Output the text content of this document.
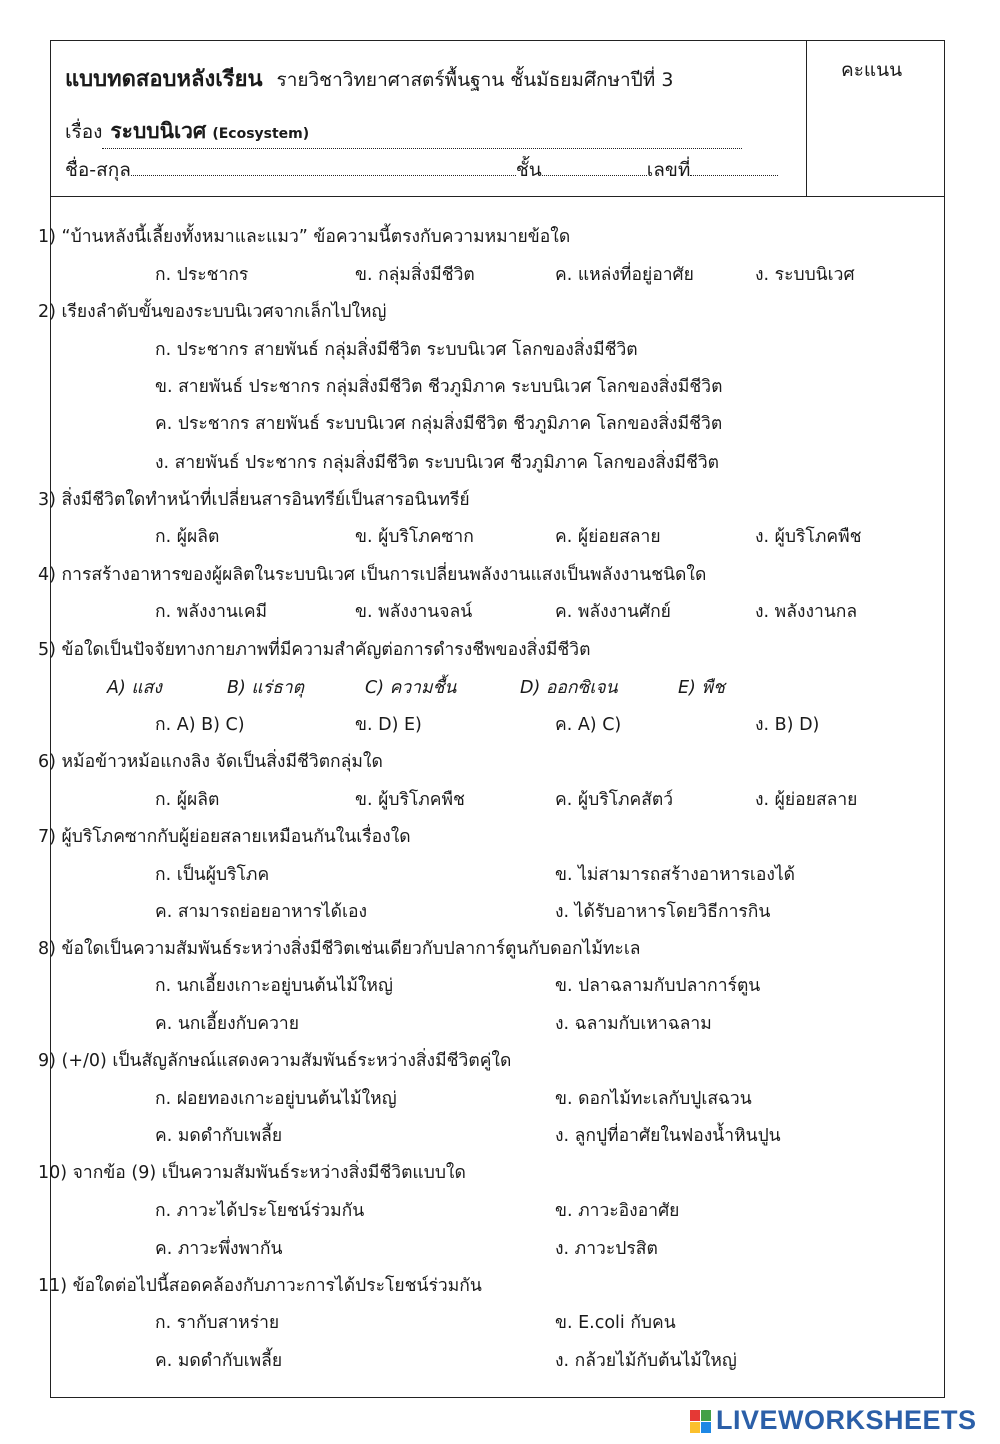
แบบทดสอบหลังเรียน รายวิชาวิทยาศาสตร์พื้นฐาน ชั้นมัธยมศึกษาปีที่ 3
เรื่อง ระบบนิเวศ (Ecosystem)
ชื่อ-สกุล	ชั้น	เลขที่
คะแนน
1) “บ้านหลังนี้เลี้ยงทั้งหมาและแมว” ข้อความนี้ตรงกับความหมายข้อใด
ก. ประชากร	ข. กลุ่มสิ่งมีชีวิต	ค. แหล่งที่อยู่อาศัย	ง. ระบบนิเวศ
2) เรียงลำดับขั้นของระบบนิเวศจากเล็กไปใหญ่
ก. ประชากร สายพันธ์ กลุ่มสิ่งมีชีวิต ระบบนิเวศ โลกของสิ่งมีชีวิต
ข. สายพันธ์ ประชากร กลุ่มสิ่งมีชีวิต ชีวภูมิภาค ระบบนิเวศ โลกของสิ่งมีชีวิต
ค. ประชากร สายพันธ์ ระบบนิเวศ กลุ่มสิ่งมีชีวิต ชีวภูมิภาค โลกของสิ่งมีชีวิต
ง. สายพันธ์ ประชากร กลุ่มสิ่งมีชีวิต ระบบนิเวศ ชีวภูมิภาค โลกของสิ่งมีชีวิต
3) สิ่งมีชีวิตใดทำหน้าที่เปลี่ยนสารอินทรีย์เป็นสารอนินทรีย์
ก. ผู้ผลิต	ข. ผู้บริโภคซาก	ค. ผู้ย่อยสลาย	ง. ผู้บริโภคพืช
4) การสร้างอาหารของผู้ผลิตในระบบนิเวศ เป็นการเปลี่ยนพลังงานแสงเป็นพลังงานชนิดใด
ก. พลังงานเคมี	ข. พลังงานจลน์	ค. พลังงานศักย์	ง. พลังงานกล
5) ข้อใดเป็นปัจจัยทางกายภาพที่มีความสำคัญต่อการดำรงชีพของสิ่งมีชีวิต
A) แสง	B) แร่ธาตุ	C) ความชื้น	D) ออกซิเจน	E) พืช
ก. A) B) C)	ข. D) E)	ค. A) C)	ง. B) D)
6) หม้อข้าวหม้อแกงลิง จัดเป็นสิ่งมีชีวิตกลุ่มใด
ก. ผู้ผลิต	ข. ผู้บริโภคพืช	ค. ผู้บริโภคสัตว์	ง. ผู้ย่อยสลาย
7) ผู้บริโภคซากกับผู้ย่อยสลายเหมือนกันในเรื่องใด
ก. เป็นผู้บริโภค	ข. ไม่สามารถสร้างอาหารเองได้
ค. สามารถย่อยอาหารได้เอง	ง. ได้รับอาหารโดยวิธีการกิน
8) ข้อใดเป็นความสัมพันธ์ระหว่างสิ่งมีชีวิตเช่นเดียวกับปลาการ์ตูนกับดอกไม้ทะเล
ก. นกเอี้ยงเกาะอยู่บนต้นไม้ใหญ่	ข. ปลาฉลามกับปลาการ์ตูน
ค. นกเอี้ยงกับควาย	ง. ฉลามกับเหาฉลาม
9) (+/0) เป็นสัญลักษณ์แสดงความสัมพันธ์ระหว่างสิ่งมีชีวิตคู่ใด
ก. ฝอยทองเกาะอยู่บนต้นไม้ใหญ่	ข. ดอกไม้ทะเลกับปูเสฉวน
ค. มดดำกับเพลี้ย	ง. ลูกปูที่อาศัยในฟองน้ำหินปูน
10) จากข้อ (9) เป็นความสัมพันธ์ระหว่างสิ่งมีชีวิตแบบใด
ก. ภาวะได้ประโยชน์ร่วมกัน	ข. ภาวะอิงอาศัย
ค. ภาวะพึ่งพากัน	ง. ภาวะปรสิต
11) ข้อใดต่อไปนี้สอดคล้องกับภาวะการได้ประโยชน์ร่วมกัน
ก. รากับสาหร่าย	ข. E.coli กับคน
ค. มดดำกับเพลี้ย	ง. กล้วยไม้กับต้นไม้ใหญ่
LIVEWORKSHEETS
